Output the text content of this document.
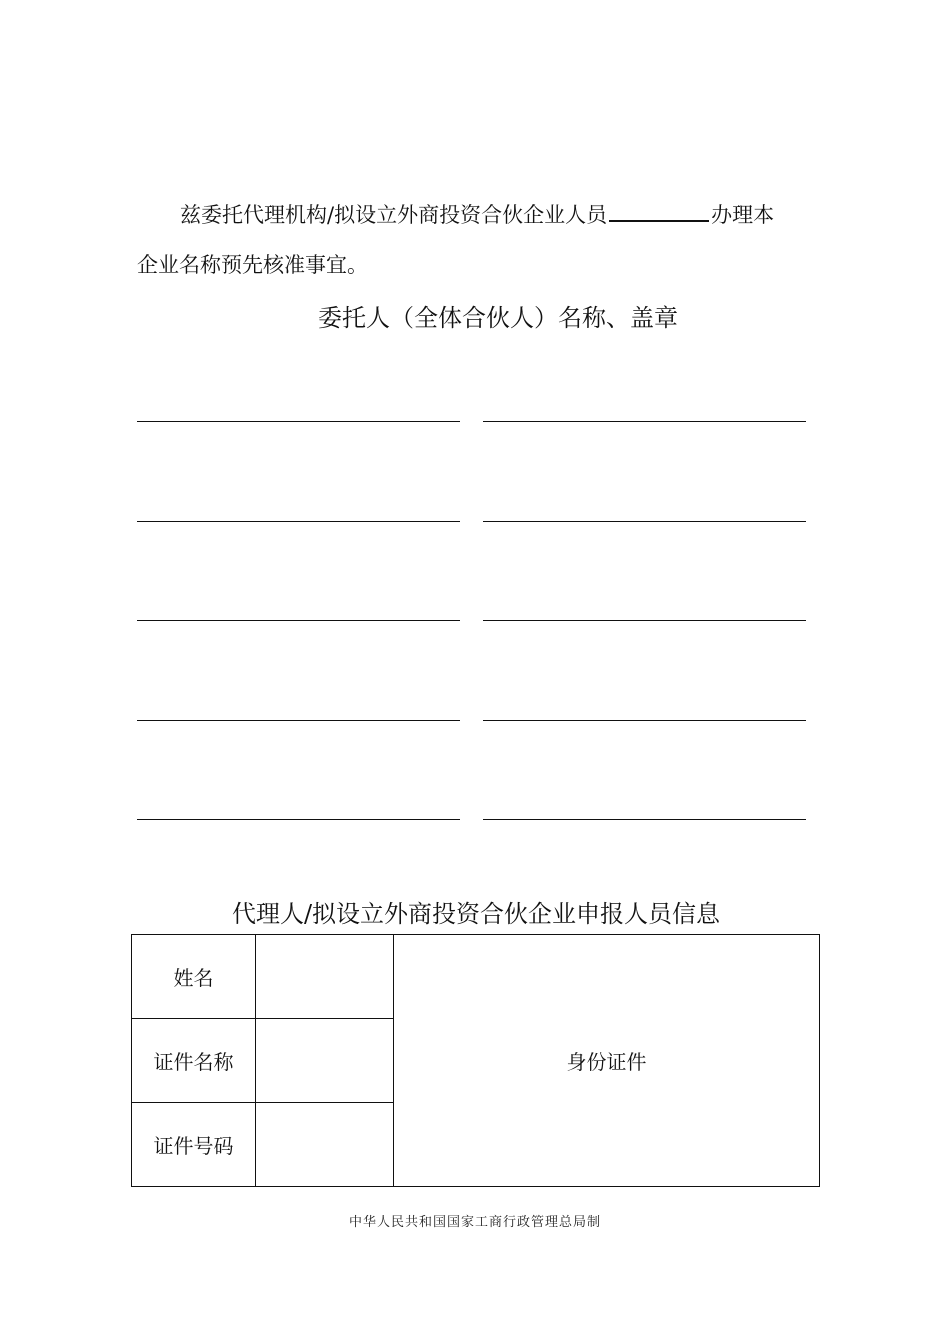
兹委托代理机构/拟设立外商投资合伙企业人员	办理本
企业名称预先核准事宜。
委托人（全体合伙人）名称、盖章
代理人/拟设立外商投资合伙企业申报人员信息
姓名		身份证件
证件名称		
证件号码		
中华人民共和国国家工商行政管理总局制
